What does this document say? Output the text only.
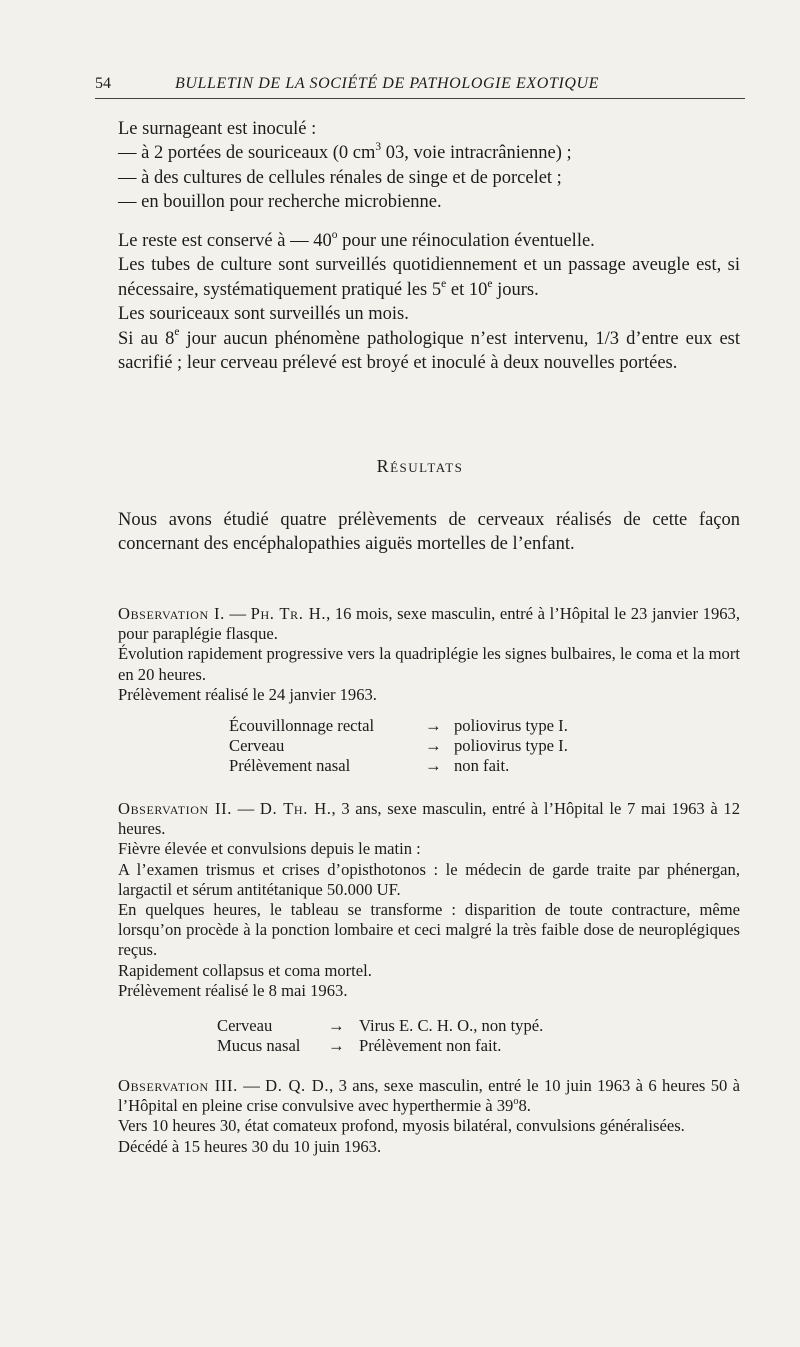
54	BULLETIN DE LA SOCIÉTÉ DE PATHOLOGIE EXOTIQUE

Le surnageant est inoculé :

— à 2 portées de souriceaux (0 $cm^3$ 03, voie intracrânienne) ;

— à des cultures de cellules rénales de singe et de porcelet ;

— en bouillon pour recherche microbienne.

Le reste est conservé à — 40$^o$ pour une réinoculation éventuelle.

Les tubes de culture sont surveillés quotidiennement et un passage aveugle est, si nécessaire, systématiquement pratiqué les 5e et 10e jours.

Les souriceaux sont surveillés un mois.

Si au 8e jour aucun phénomène pathologique n’est intervenu, 1/3 d’entre eux est sacrifié ; leur cerveau prélevé est broyé et inoculé à deux nouvelles portées.

Résultats

Nous avons étudié quatre prélèvements de cerveaux réalisés de cette façon concernant des encéphalopathies aiguës mortelles de l’enfant.

Observation I. — Ph. Tr. H., 16 mois, sexe masculin, entré à l’Hôpital le 23 janvier 1963, pour paraplégie flasque.

Évolution rapidement progressive vers la quadriplégie les signes bulbaires, le coma et la mort en 20 heures.

Prélèvement réalisé le 24 janvier 1963.

Écouvillonnage rectal	→ poliovirus type I.
Cerveau	→ poliovirus type I.
Prélèvement nasal	→ non fait.

Observation II. — D. Th. H., 3 ans, sexe masculin, entré à l’Hôpital le 7 mai 1963 à 12 heures.

Fièvre élevée et convulsions depuis le matin :

A l’examen trismus et crises d’opisthotonos : le médecin de garde traite par phénergan, largactil et sérum antitétanique 50.000 UF.

En quelques heures, le tableau se transforme : disparition de toute contracture, même lorsqu’on procède à la ponction lombaire et ceci malgré la très faible dose de neuroplégiques reçus.

Rapidement collapsus et coma mortel.

Prélèvement réalisé le 8 mai 1963.

Cerveau	→ Virus E. C. H. O., non typé.
Mucus nasal → Prélèvement non fait.

Observation III. — D. Q. D., 3 ans, sexe masculin, entré le 10 juin 1963 à 6 heures 50 à l’Hôpital en pleine crise convulsive avec hyperthermie à 39$^o$8.

Vers 10 heures 30, état comateux profond, myosis bilatéral, convulsions généralisées.

Décédé à 15 heures 30 du 10 juin 1963.
